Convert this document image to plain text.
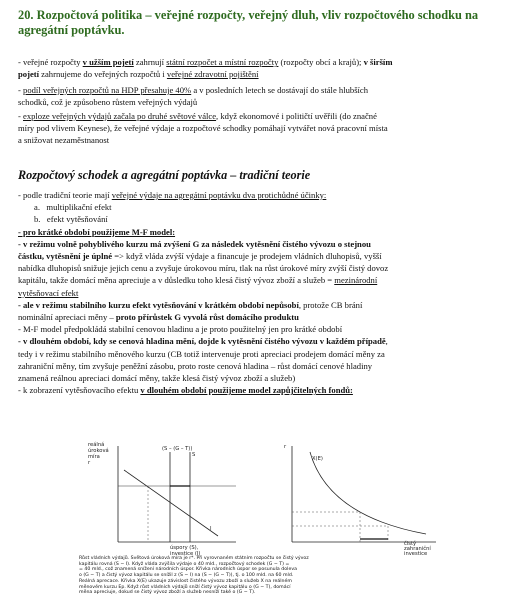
20. Rozpočtová politika – veřejné rozpočty, veřejný dluh, vliv rozpočtového schodku na
agregátní poptávku.

- veřejné rozpočty v užším pojetí zahrnují státní rozpočet a místní rozpočty (rozpočty obcí a krajů); v širším

pojetí zahrnujeme do veřejných rozpočtů i veřejné zdravotní pojištění

- podíl veřejných rozpočtů na HDP přesahuje 40% a v posledních letech se dostávají do stále hlubších

schodků, což je způsobeno růstem veřejných výdajů

- exploze veřejných výdajů začala po druhé světové válce, když ekonomové i političtí uvěřili (do značné

míry pod vlivem Keynese), že veřejné výdaje a rozpočtové schodky pomáhají vytvářet nová pracovní místa

a snižovat nezaměstnanost

Rozpočtový schodek a agregátní poptávka – tradiční teorie

- podle tradiční teorie mají veřejné výdaje na agregátní poptávku dva protichůdné účinky:

a. multiplikační efekt

b. efekt vytěsňování

- pro krátké období použijeme M-F model:

- v režimu volně pohyblivého kurzu má zvýšení G za následek vytěsnění čistého vývozu o stejnou

částku, vytěsnění je úplné => když vláda zvýší výdaje a financuje je prodejem vládních dluhopisů, vyšší

nabídka dluhopisů snižuje jejich cenu a zvyšuje úrokovou míru, tlak na růst úrokové míry zvýší čistý dovoz

kapitálu, takže domácí měna apreciuje a v důsledku toho klesá čistý vývoz zboží a služeb = mezinárodní

vytěsňovací efekt

- ale v režimu stabilního kurzu efekt vytěsňování v krátkém období nepůsobí, protože CB brání

nominální apreciaci měny – proto přírůstek G vyvolá růst domácího produktu

- M-F model předpokládá stabilní cenovou hladinu a je proto použitelný jen pro krátké období

- v dlouhém období, kdy se cenová hladina mění, dojde k vytěsnění čistého vývozu v každém případě,

tedy i v režimu stabilního měnového kurzu (CB totiž intervenuje proti apreciaci prodejem domácí měny za

zahraniční měny, tím zvyšuje peněžní zásobu, proto roste cenová hladina – růst domácí cenové hladiny

znamená reálnou apreciaci domácí měny, takže klesá čistý vývoz zboží a služeb)

- k zobrazení vytěsňovacího efektu v dlouhém období použijeme model zapůjčitelných fondů:

reálná
úroková
míra
r
S
(S – (G – T))
I
úspory (S),
investice (I)
r
X(E)
čistý
zahraniční
investice
Růst vládních výdajů. Světová úroková míra je r*. Při vyrovnaném státním rozpočtu se čistý vývoz
kapitálu rovná (S − I). Když vláda zvýšila výdaje o 40 mld., rozpočtový schodek (G − T) =
= 40 mld., což znamená snížení národních úspor. Křivka národních úspor se posunula doleva
o (G − T) a čistý vývoz kapitálu se snížil z (S − I) na (S − (G − T)), tj. o 100 mld. na 60 mld.
Reálná aprecace. Křivka X(E) ukazuje závislost čistého vývozu zboží a služeb X na reálném
měnovém kurzu Ep. Když růst vládních výdajů sníží čistý vývoz kapitálu o (G − T), domácí
měna apreciuje, dokud se čistý vývoz zboží a služeb nesníží také o (G − T).
